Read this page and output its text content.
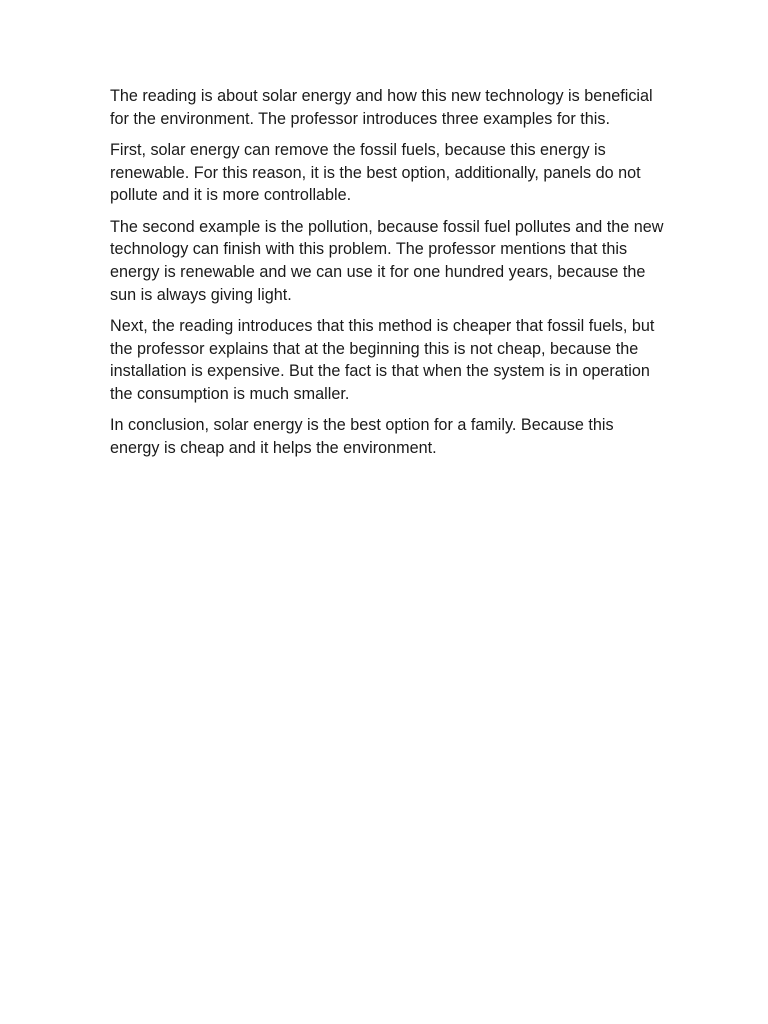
The reading is about solar energy and how this new technology is beneficial for the environment. The professor introduces three examples for this.

First, solar energy can remove the fossil fuels, because this energy is renewable. For this reason, it is the best option, additionally, panels do not pollute and it is more controllable.

The second example is the pollution, because fossil fuel pollutes and the new technology can finish with this problem. The professor mentions that this energy is renewable and we can use it for one hundred years, because the sun is always giving light.

Next, the reading introduces that this method is cheaper that fossil fuels, but the professor explains that at the beginning this is not cheap, because the installation is expensive. But the fact is that when the system is in operation the consumption is much smaller.

In conclusion, solar energy is the best option for a family. Because this energy is cheap and it helps the environment.
